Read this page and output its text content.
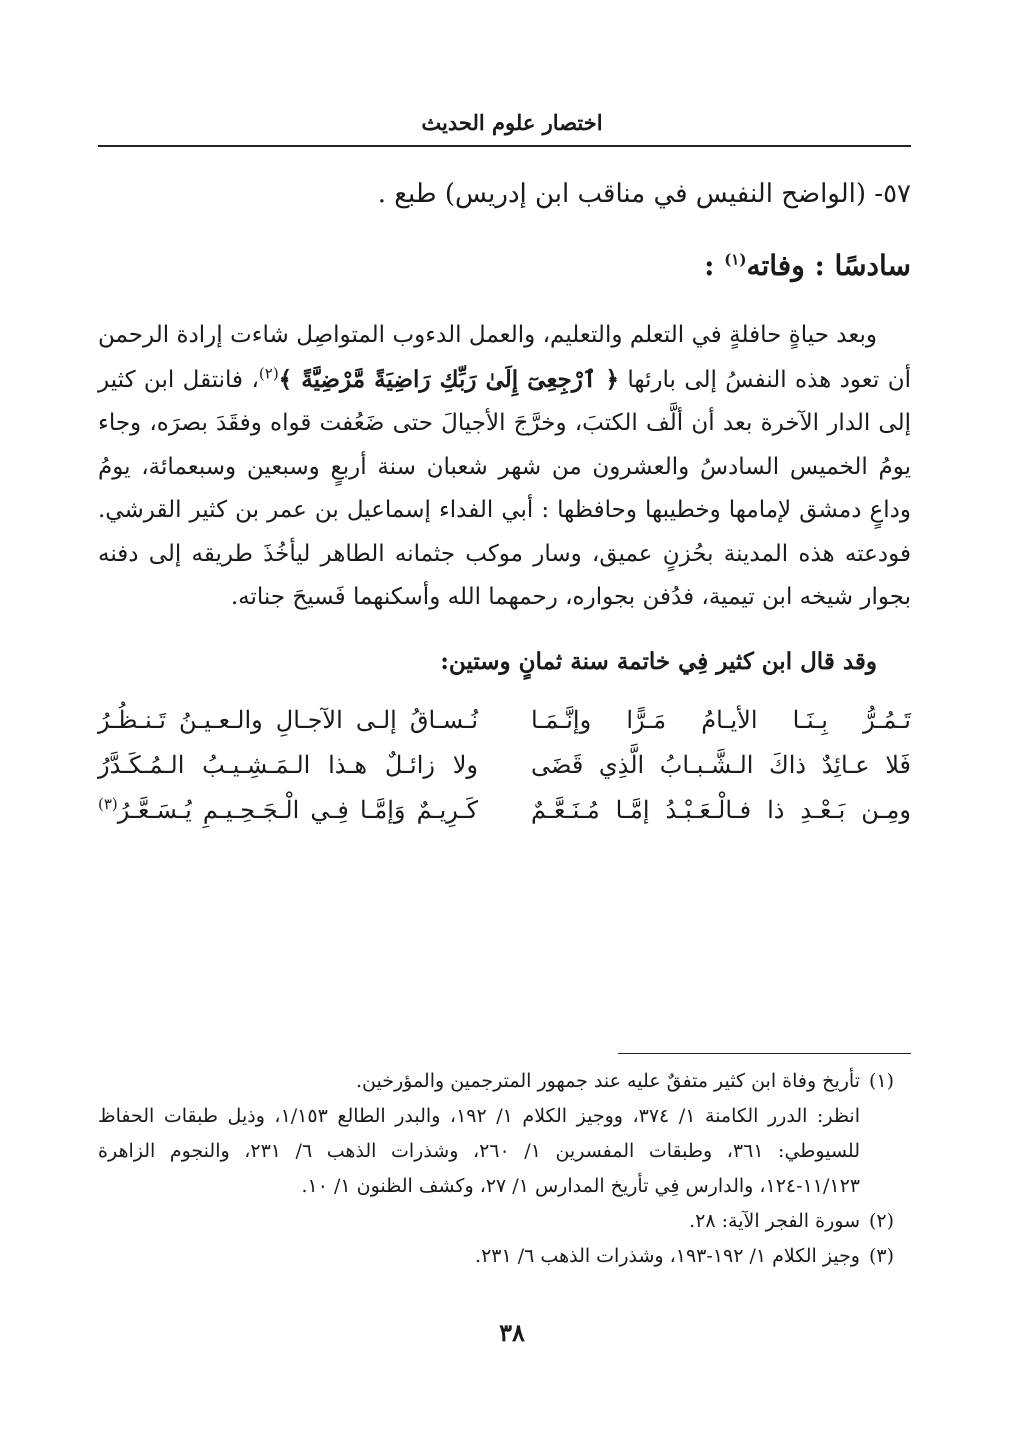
اختصار علوم الحديث
٥٧- (الواضح النفيس في مناقب ابن إدريس) طبع .
سادسًا : وفاته$^{(١)}$ :
وبعد حياةٍ حافلةٍ في التعلم والتعليم، والعمل الدءوب المتواصِل شاءت إرادة الرحمن أن تعود هذه النفسُ إلى بارئها ﴿ ٱرْجِعِىٓ إِلَىٰ رَبِّكِ رَاضِيَةً مَّرْضِيَّةً ﴾$^{(٢)}$، فانتقل ابن كثير إلى الدار الآخرة بعد أن ألَّف الكتبَ، وخرَّجَ الأجيالَ حتى ضَعُفت قواه وفقَدَ بصرَه، وجاء يومُ الخميس السادسُ والعشرون من شهر شعبان سنة أربعٍ وسبعين وسبعمائة، يومُ وداعٍ دمشق لإمامها وخطيبها وحافظها : أبي الفداء إسماعيل بن عمر بن كثير القرشي. فودعته هذه المدينة بحُزنٍ عميق، وسار موكب جثمانه الطاهر ليأخُذَ طريقه إلى دفنه بجوار شيخه ابن تيمية، فدُفن بجواره، رحمهما الله وأسكنهما فَسيحَ جناته.
وقد قال ابن كثير فِي خاتمة سنة ثمانٍ وستين:
تَـمُـرُّ بِـنَـا الأيـامُ مَـرًّا وإنَّـمَـا
نُـسـاقُ إلـى الآجـالِ والـعـيـنُ تَـنـظُـرُ
فَلا عـائِدٌ ذاكَ الـشَّـبـابُ الَّذِي قَضَى
ولا زائـلٌ هـذا الـمَـشِـيـبُ الـمُـكَـدَّرُ
ومِـن بَـعْـدِ ذا فـالْـعَـبْـدُ إمَّـا مُـنَـعَّـمٌ
كَـرِيـمٌ وَإمَّـا فِـي الْـجَـحِـيـمِ يُـسَـعَّـرُ$^{(٣)}$
(١)
تأريخ وفاة ابن كثير متفقٌ عليه عند جمهور المترجمين والمؤرخين.
انظر: الدرر الكامنة ١/ ٣٧٤، ووجيز الكلام ١/ ١٩٢، والبدر الطالع ١/١٥٣، وذيل طبقات الحفاظ للسيوطي: ٣٦١، وطبقات المفسرين ١/ ٢٦٠، وشذرات الذهب ٦/ ٢٣١، والنجوم الزاهرة ١١/١٢٣-١٢٤، والدارس فِي تأريخ المدارس ١/ ٢٧، وكشف الظنون ١/ ١٠.
(٢)
سورة الفجر الآية: ٢٨.
(٣)
وجيز الكلام ١/ ١٩٢-١٩٣، وشذرات الذهب ٦/ ٢٣١.
٣٨
